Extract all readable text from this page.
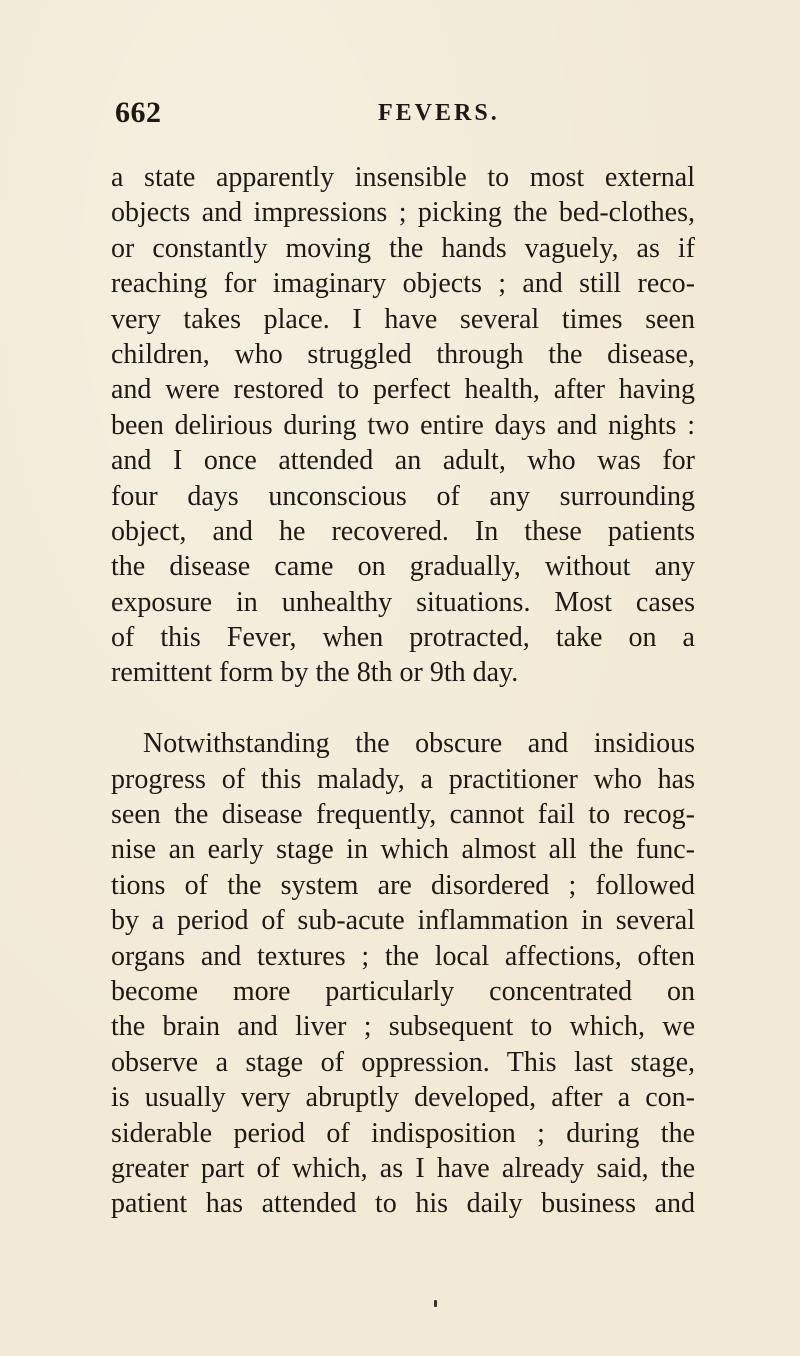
662	FEVERS.
a state apparently insensible to most external
objects and impressions ; picking the bed-clothes,
or constantly moving the hands vaguely, as if
reaching for imaginary objects ; and still reco-
very takes place. I have several times seen
children, who struggled through the disease,
and were restored to perfect health, after having
been delirious during two entire days and nights :
and I once attended an adult, who was for
four days unconscious of any surrounding
object, and he recovered. In these patients
the disease came on gradually, without any
exposure in unhealthy situations. Most cases
of this Fever, when protracted, take on a
remittent form by the 8th or 9th day.
Notwithstanding the obscure and insidious
progress of this malady, a practitioner who has
seen the disease frequently, cannot fail to recog-
nise an early stage in which almost all the func-
tions of the system are disordered ; followed
by a period of sub-acute inflammation in several
organs and textures ; the local affections, often
become more particularly concentrated on
the brain and liver ; subsequent to which, we
observe a stage of oppression. This last stage,
is usually very abruptly developed, after a con-
siderable period of indisposition ; during the
greater part of which, as I have already said, the
patient has attended to his daily business and
